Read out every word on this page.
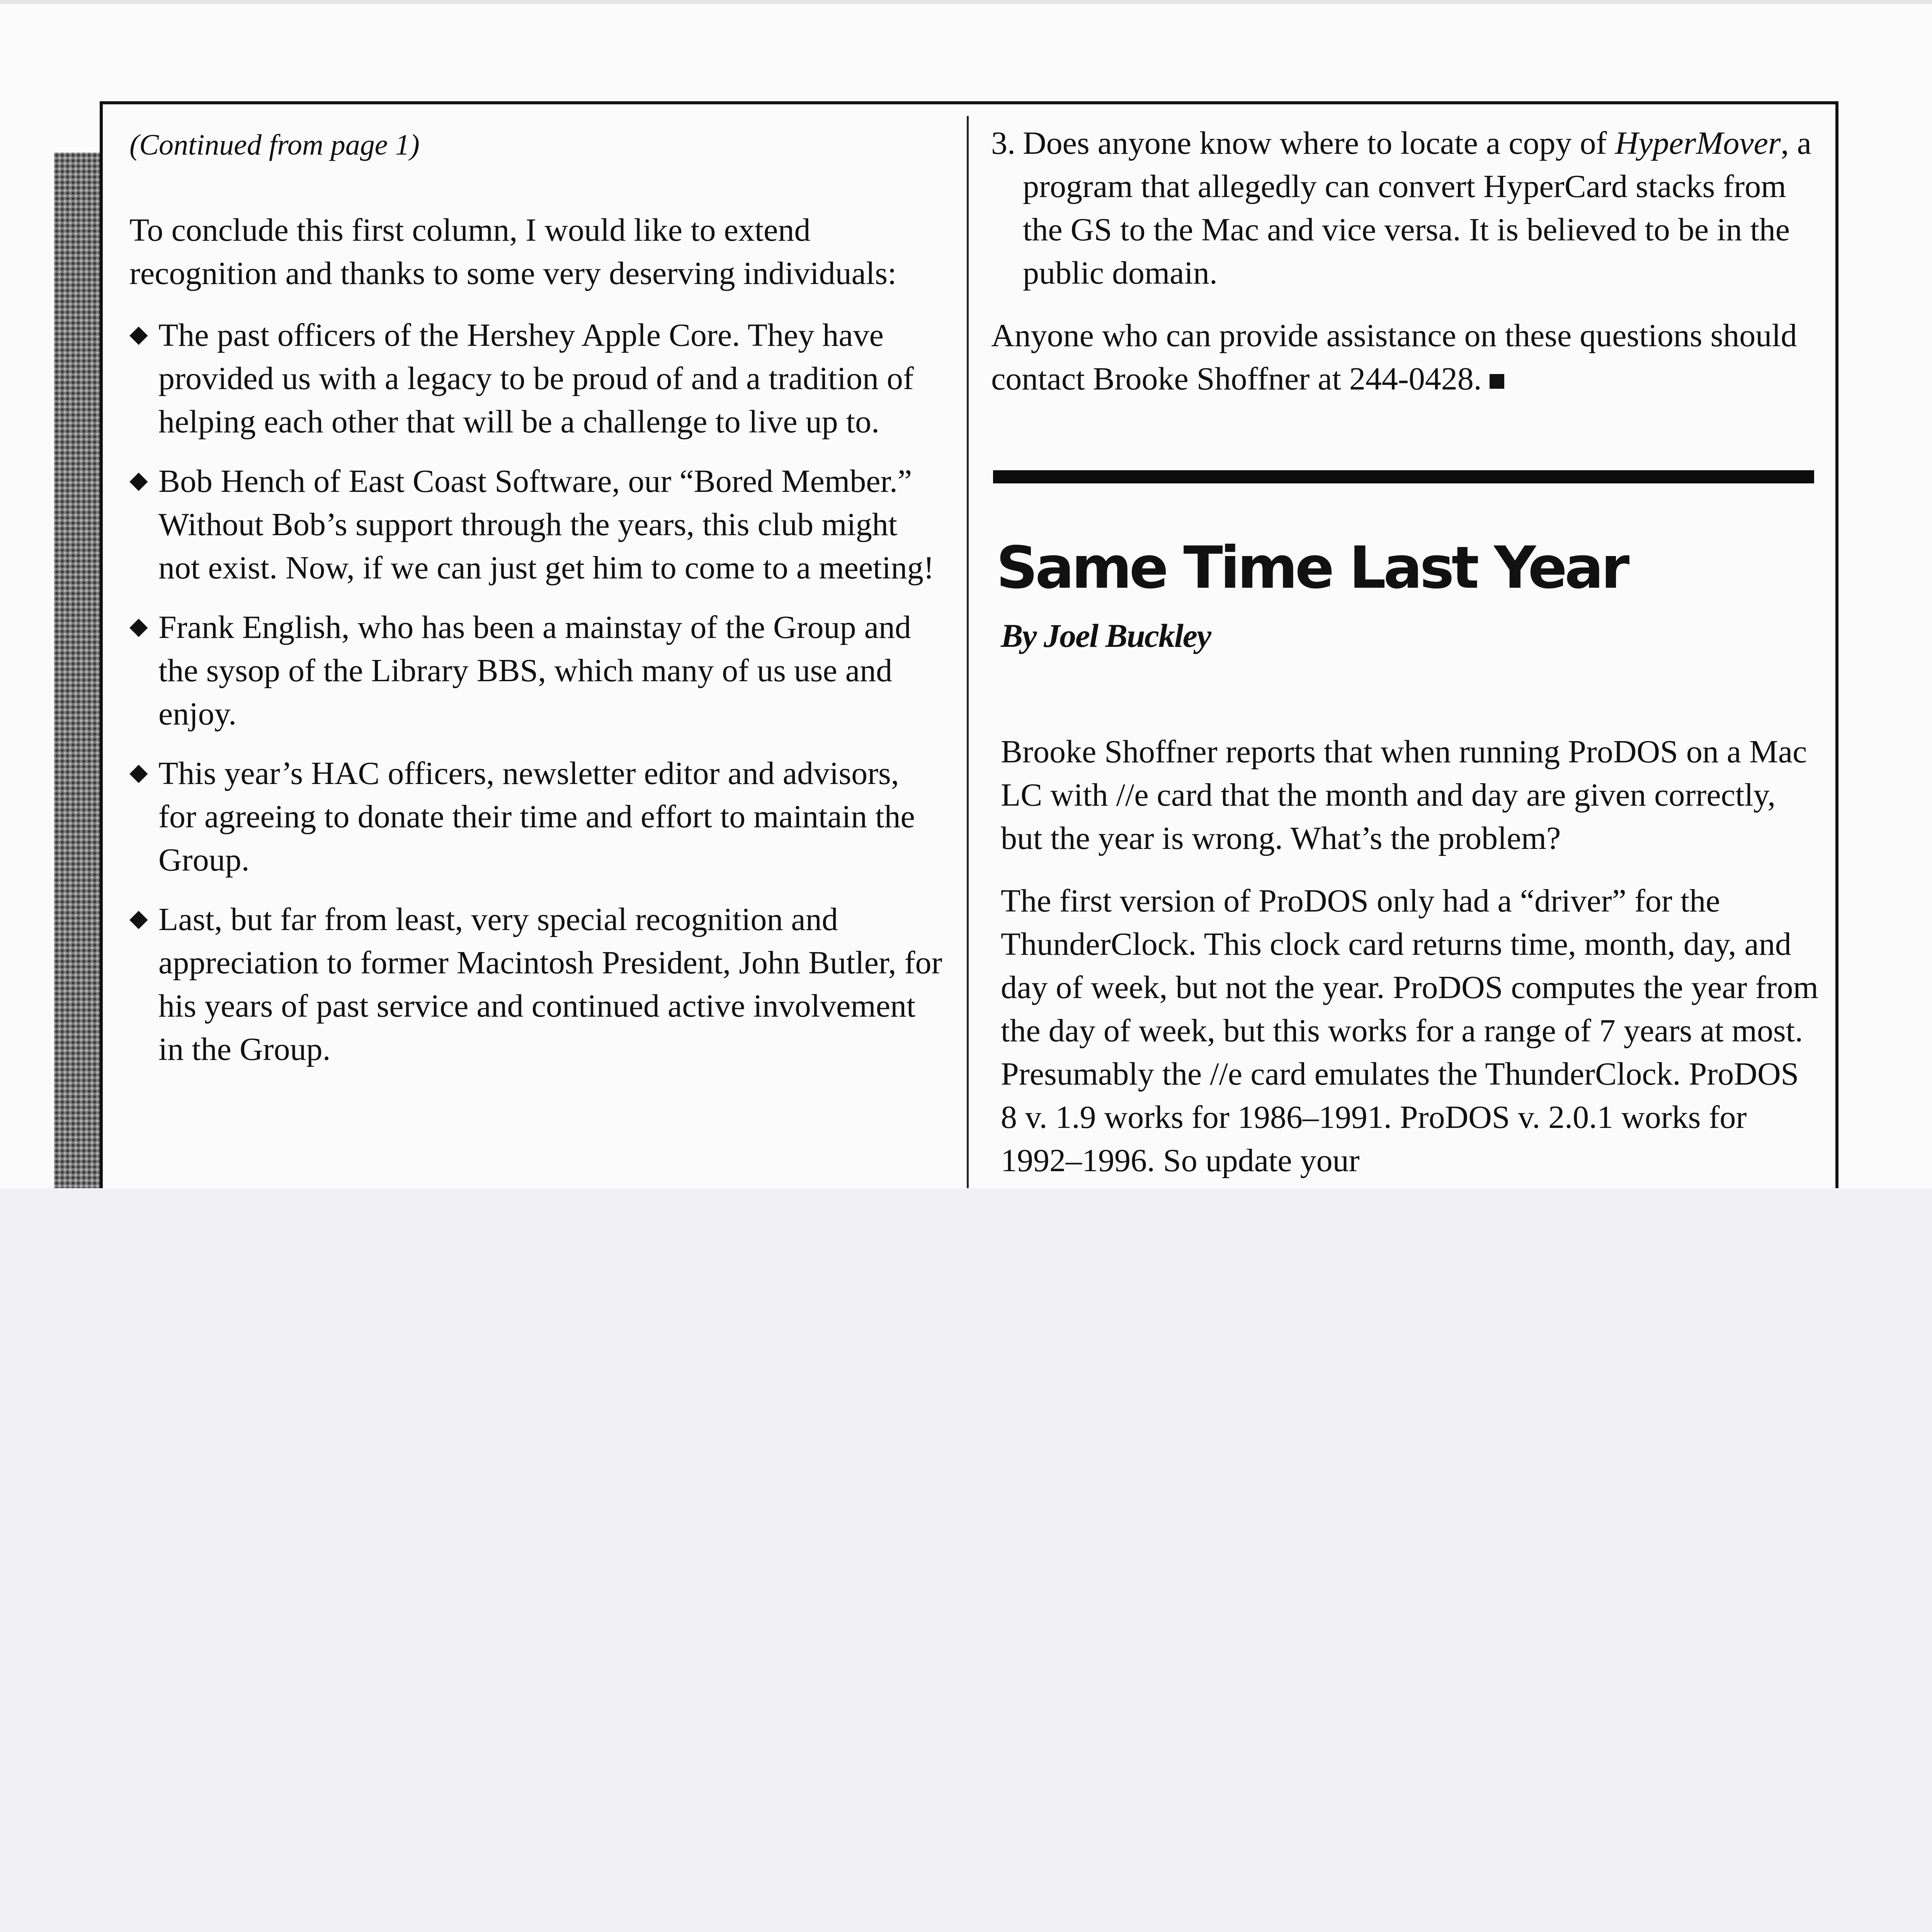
(Continued from page 1)

To conclude this first column, I would like to extend recognition and thanks to some very deserving individuals:

◆ The past officers of the Hershey Apple Core. They have provided us with a legacy to be proud of and a tradition of helping each other that will be a challenge to live up to.
◆ Bob Hench of East Coast Software, our “Bored Member.” Without Bob’s support through the years, this club might not exist. Now, if we can just get him to come to a meeting!
◆ Frank English, who has been a mainstay of the Group and the sysop of the Library BBS, which many of us use and enjoy.
◆ This year’s HAC officers, newsletter editor and advisors, for agreeing to donate their time and effort to maintain the Group.
◆ Last, but far from least, very special recognition and appreciation to former Macintosh President, John Butler, for his years of past service and continued active involvement in the Group.

3. Does anyone know where to locate a copy of HyperMover, a program that allegedly can convert HyperCard stacks from the GS to the Mac and vice versa. It is believed to be in the public domain.

Anyone who can provide assistance on these questions should contact Brooke Shoffner at 244-0428.

Same Time Last Year

By Joel Buckley

Brooke Shoffner reports that when running ProDOS on a Mac LC with //e card that the month and day are given correctly, but the year is wrong. What’s the problem?

The first version of ProDOS only had a “driver” for the ThunderClock. This clock card returns time, month, day, and day of week, but not the year. ProDOS computes the year from the day of week, but this works for a range of 7 years at most. Presumably the //e card emulates the ThunderClock. ProDOS 8 v. 1.9 works for 1986–1991. ProDOS v. 2.0.1 works for 1992–1996. So update your
